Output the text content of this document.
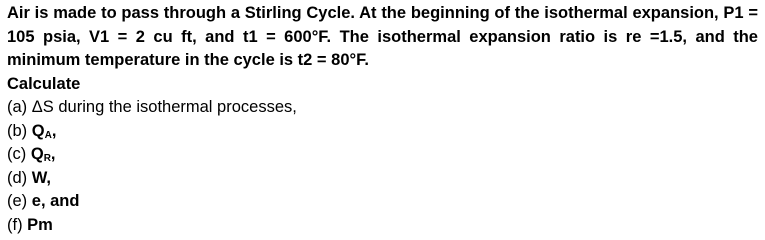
Air is made to pass through a Stirling Cycle. At the beginning of the isothermal expansion, P1 = 105 psia, V1 = 2 cu ft, and t1 = 600°F. The isothermal expansion ratio is re =1.5, and the minimum temperature in the cycle is t2 = 80°F.

Calculate

(a) ΔS during the isothermal processes,

(b) $Q_A$,

(c) $Q_R$,

(d) W,

(e) e, and

(f) Pm
